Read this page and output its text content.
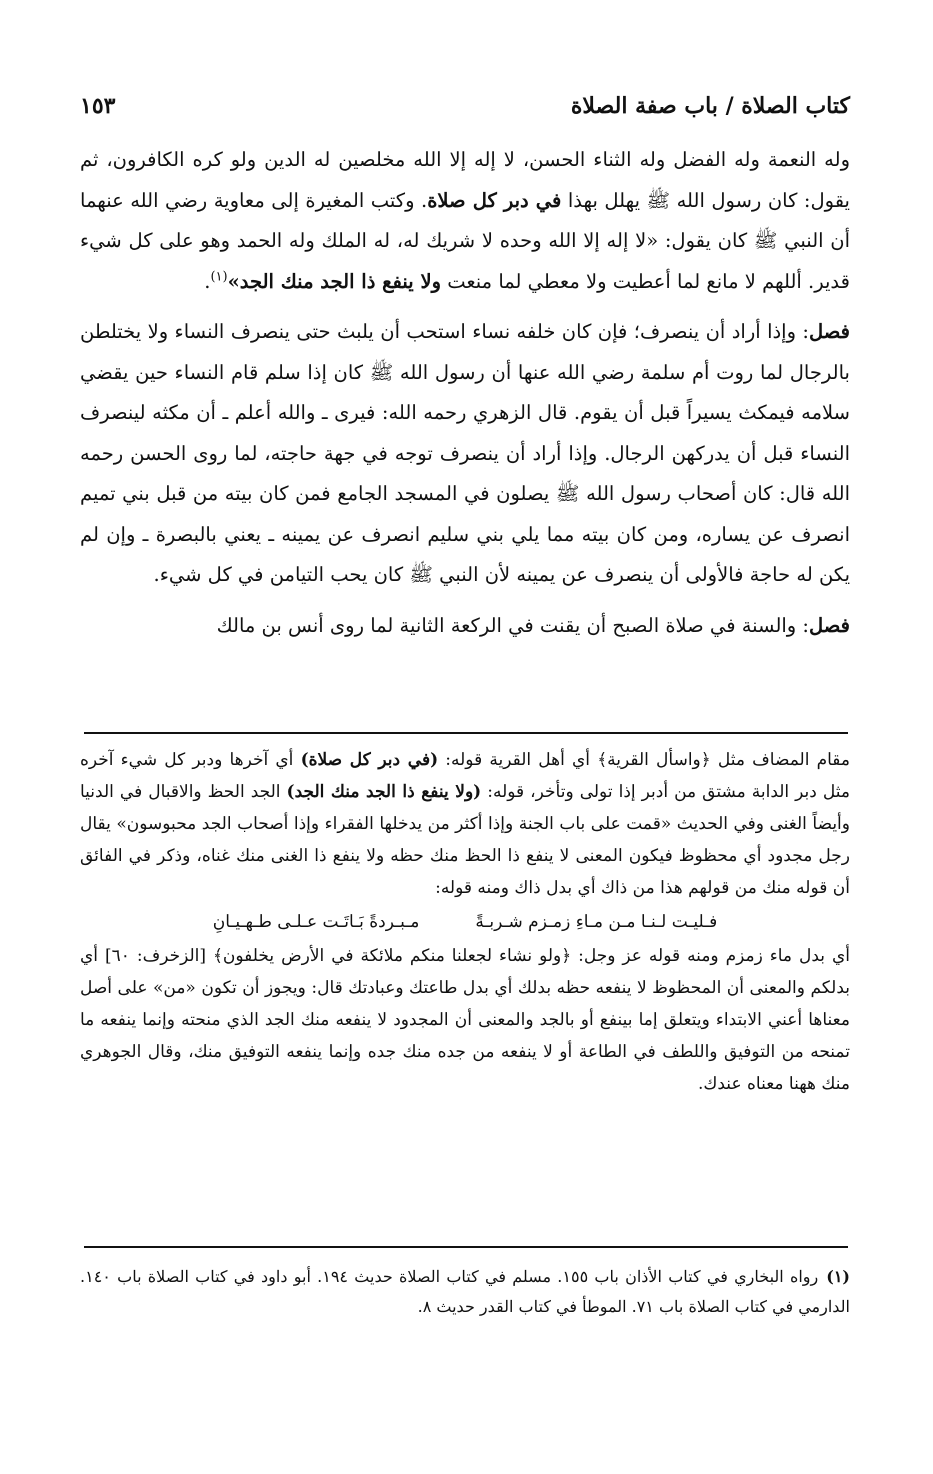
كتاب الصلاة / باب صفة الصلاة
١٥٣

وله النعمة وله الفضل وله الثناء الحسن، لا إله إلا الله مخلصين له الدين ولو كره الكافرون، ثم يقول: كان رسول الله ﷺ يهلل بهذا في دبر كل صلاة. وكتب المغيرة إلى معاوية رضي الله عنهما أن النبي ﷺ كان يقول: «لا إله إلا الله وحده لا شريك له، له الملك وله الحمد وهو على كل شيء قدير. أللهم لا مانع لما أعطيت ولا معطي لما منعت ولا ينفع ذا الجد منك الجد»$^{(١)}$.

فصل: وإذا أراد أن ينصرف؛ فإن كان خلفه نساء استحب أن يلبث حتى ينصرف النساء ولا يختلطن بالرجال لما روت أم سلمة رضي الله عنها أن رسول الله ﷺ كان إذا سلم قام النساء حين يقضي سلامه فيمكث يسيراً قبل أن يقوم. قال الزهري رحمه الله: فيرى ـ والله أعلم ـ أن مكثه لينصرف النساء قبل أن يدركهن الرجال. وإذا أراد أن ينصرف توجه في جهة حاجته، لما روى الحسن رحمه الله قال: كان أصحاب رسول الله ﷺ يصلون في المسجد الجامع فمن كان بيته من قبل بني تميم انصرف عن يساره، ومن كان بيته مما يلي بني سليم انصرف عن يمينه ـ يعني بالبصرة ـ وإن لم يكن له حاجة فالأولى أن ينصرف عن يمينه لأن النبي ﷺ كان يحب التيامن في كل شيء.

فصل: والسنة في صلاة الصبح أن يقنت في الركعة الثانية لما روى أنس بن مالك

مقام المضاف مثل ﴿واسأل القرية﴾ أي أهل القرية قوله: (في دبر كل صلاة) أي آخرها ودبر كل شيء آخره مثل دبر الدابة مشتق من أدبر إذا تولى وتأخر، قوله: (ولا ينفع ذا الجد منك الجد) الجد الحظ والاقبال في الدنيا وأيضاً الغنى وفي الحديث «قمت على باب الجنة وإذا أكثر من يدخلها الفقراء وإذا أصحاب الجد محبوسون» يقال رجل مجدود أي محظوظ فيكون المعنى لا ينفع ذا الحظ منك حظه ولا ينفع ذا الغنى منك غناه، وذكر في الفائق أن قوله منك من قولهم هذا من ذاك أي بدل ذاك ومنه قوله:

فـليـت لـنـا مـن مـاءِ زمـزم شـربـةً
مـبـردةً بَـاتَـت عـلـى طـهـيـانِ

أي بدل ماء زمزم ومنه قوله عز وجل: ﴿ولو نشاء لجعلنا منكم ملائكة في الأرض يخلفون﴾ [الزخرف: ٦٠] أي بدلكم والمعنى أن المحظوظ لا ينفعه حظه بدلك أي بدل طاعتك وعبادتك قال: ويجوز أن تكون «من» على أصل معناها أعني الابتداء ويتعلق إما بينفع أو بالجد والمعنى أن المجدود لا ينفعه منك الجد الذي منحته وإنما ينفعه ما تمنحه من التوفيق واللطف في الطاعة أو لا ينفعه من جده منك جده وإنما ينفعه التوفيق منك، وقال الجوهري منك ههنا معناه عندك.

(١)رواه البخاري في كتاب الأذان باب ١٥٥. مسلم في كتاب الصلاة حديث ١٩٤. أبو داود في كتاب الصلاة باب ١٤٠. الدارمي في كتاب الصلاة باب ٧١. الموطأ في كتاب القدر حديث ٨.
